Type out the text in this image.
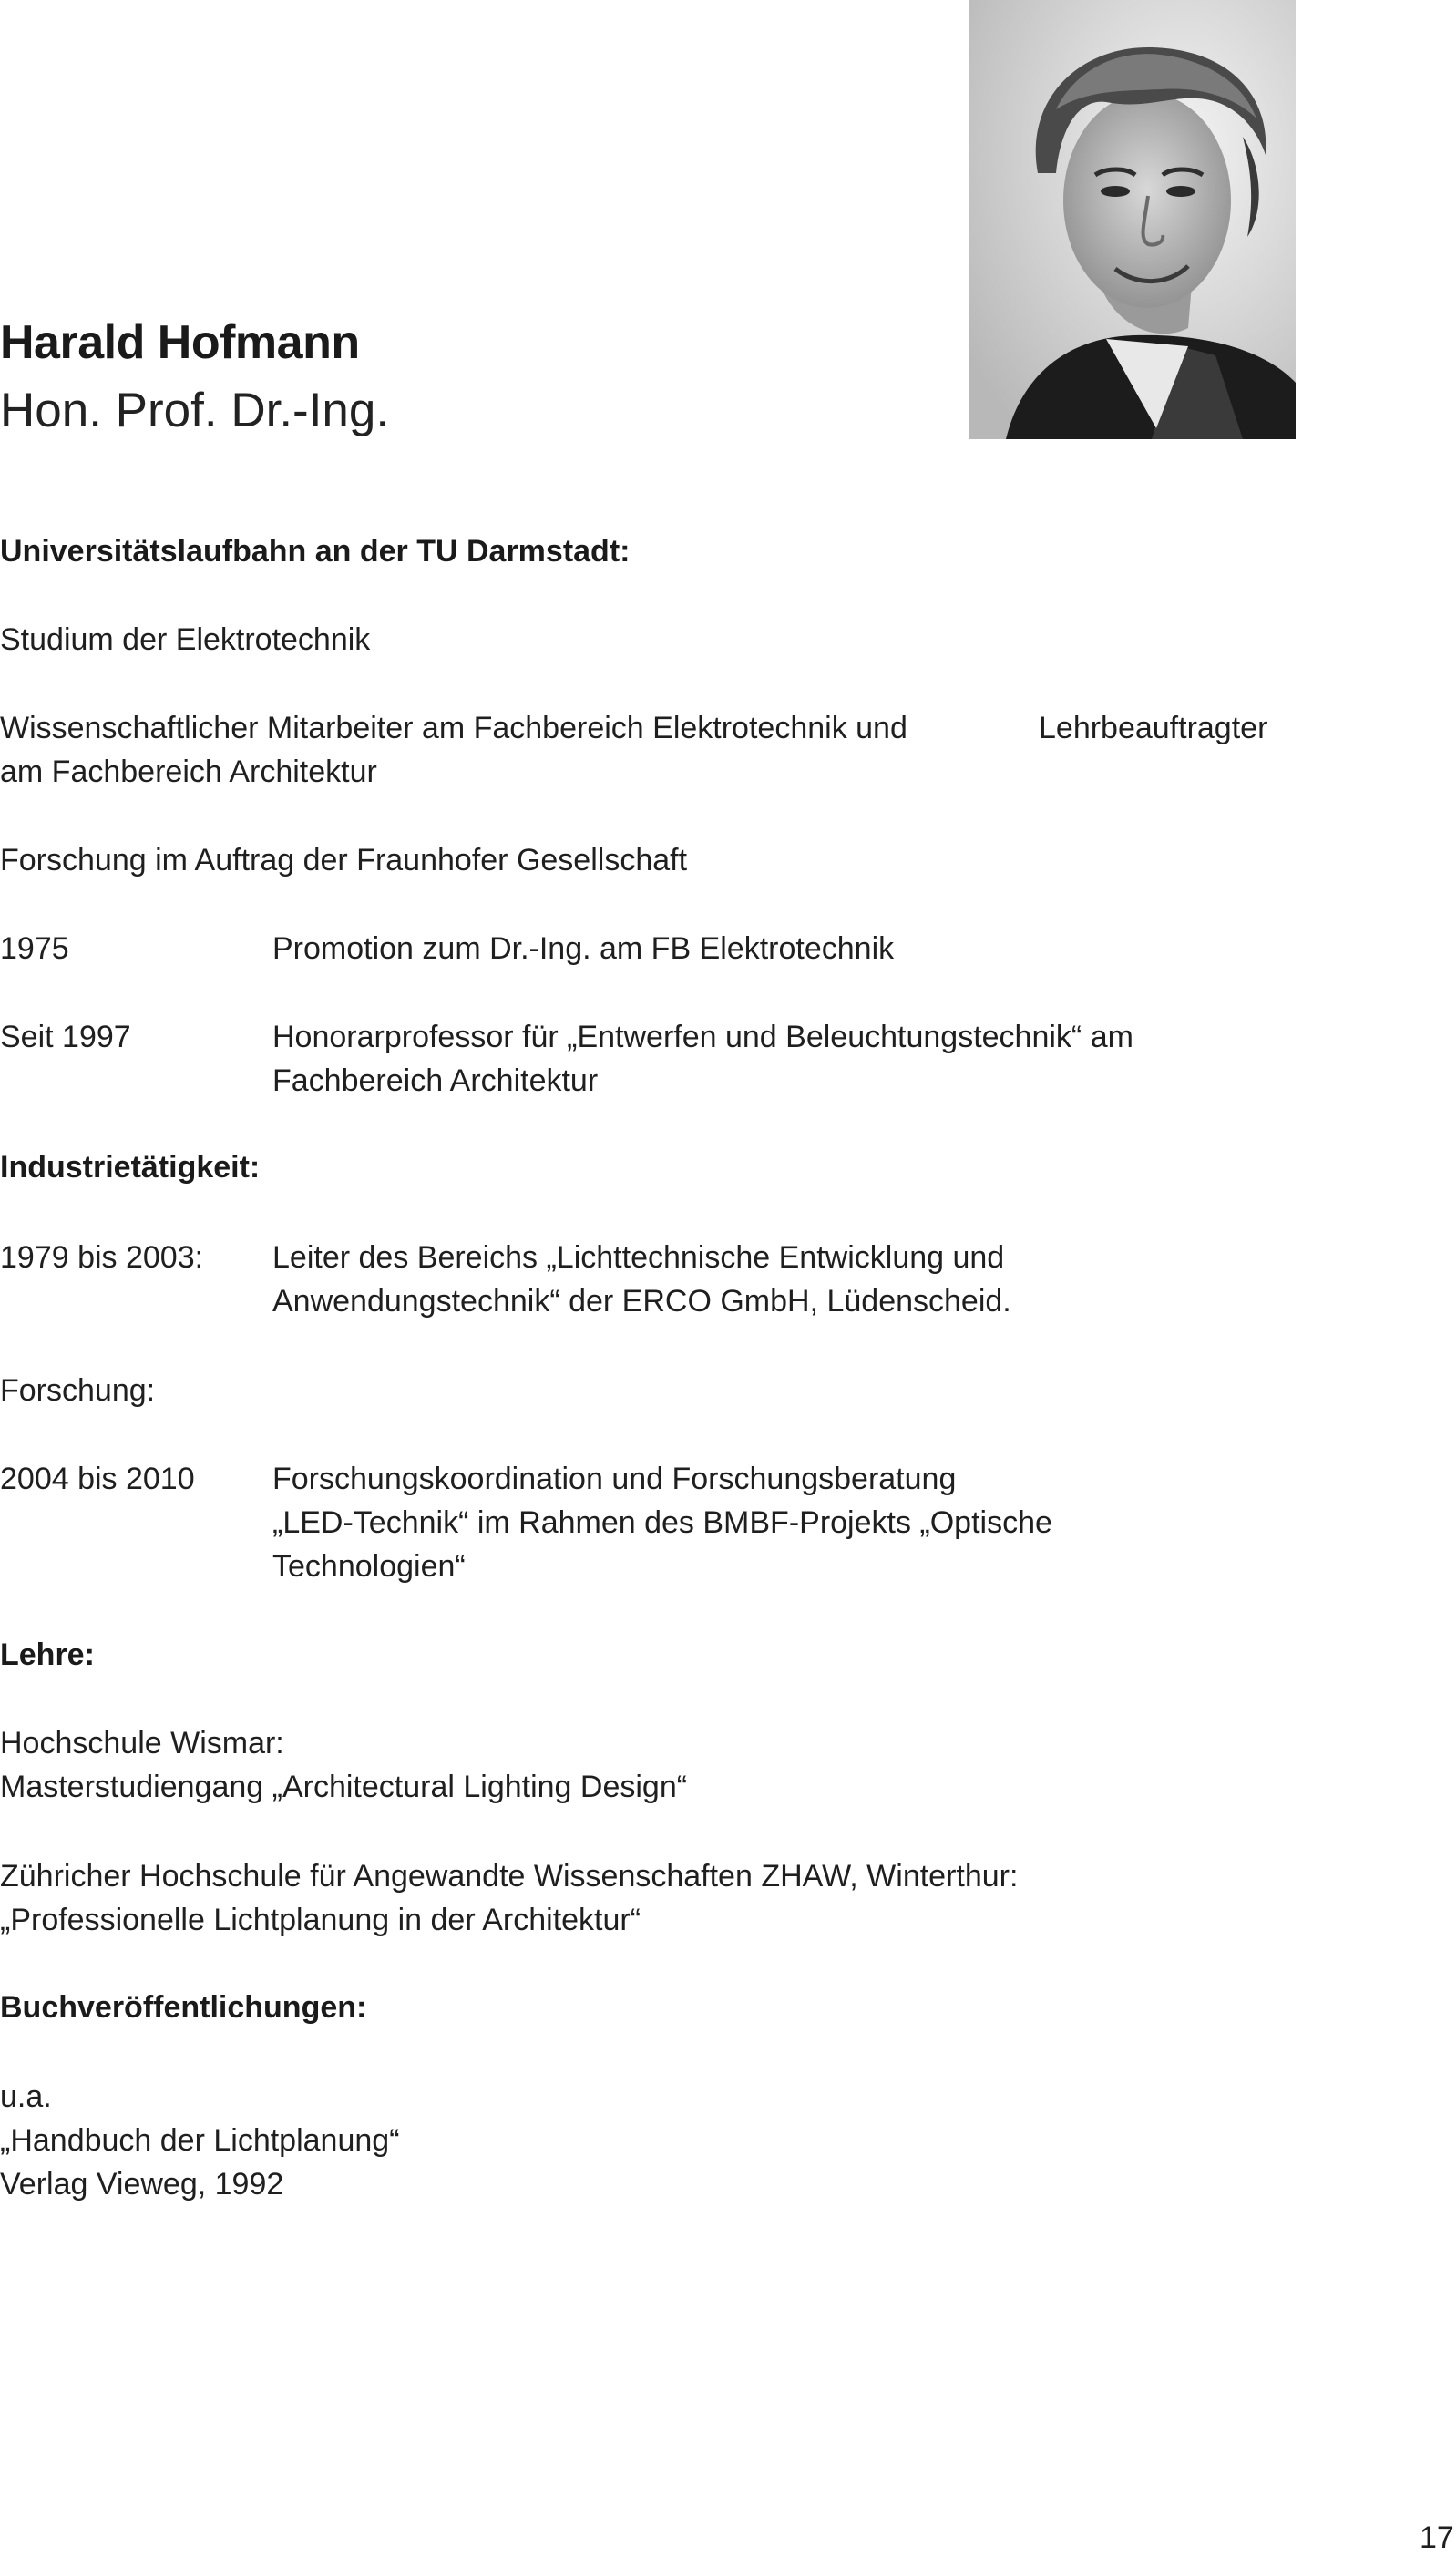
Harald Hofmann
Hon. Prof. Dr.-Ing.
Universitätslaufbahn an der TU Darmstadt:
Studium der Elektrotechnik
Wissenschaftlicher Mitarbeiter am Fachbereich Elektrotechnik und	Lehrbeauftragter
am Fachbereich Architektur
Forschung im Auftrag der Fraunhofer Gesellschaft
1975	Promotion zum Dr.-Ing. am FB Elektrotechnik
Seit 1997	Honorarprofessor für „Entwerfen und Beleuchtungstechnik“ am
Fachbereich Architektur
Industrietätigkeit:
1979 bis 2003: Leiter des Bereichs „Lichttechnische Entwicklung und
Anwendungstechnik“ der ERCO GmbH, Lüdenscheid.
Forschung:
2004 bis 2010	Forschungskoordination und Forschungsberatung
„LED-Technik“ im Rahmen des BMBF-Projekts „Optische
Technologien“
Lehre:
Hochschule Wismar:
Masterstudiengang „Architectural Lighting Design“
Zühricher Hochschule für Angewandte Wissenschaften ZHAW, Winterthur:
„Professionelle Lichtplanung in der Architektur“
Buchveröffentlichungen:
u.a.
„Handbuch der Lichtplanung“
Verlag Vieweg, 1992
17
